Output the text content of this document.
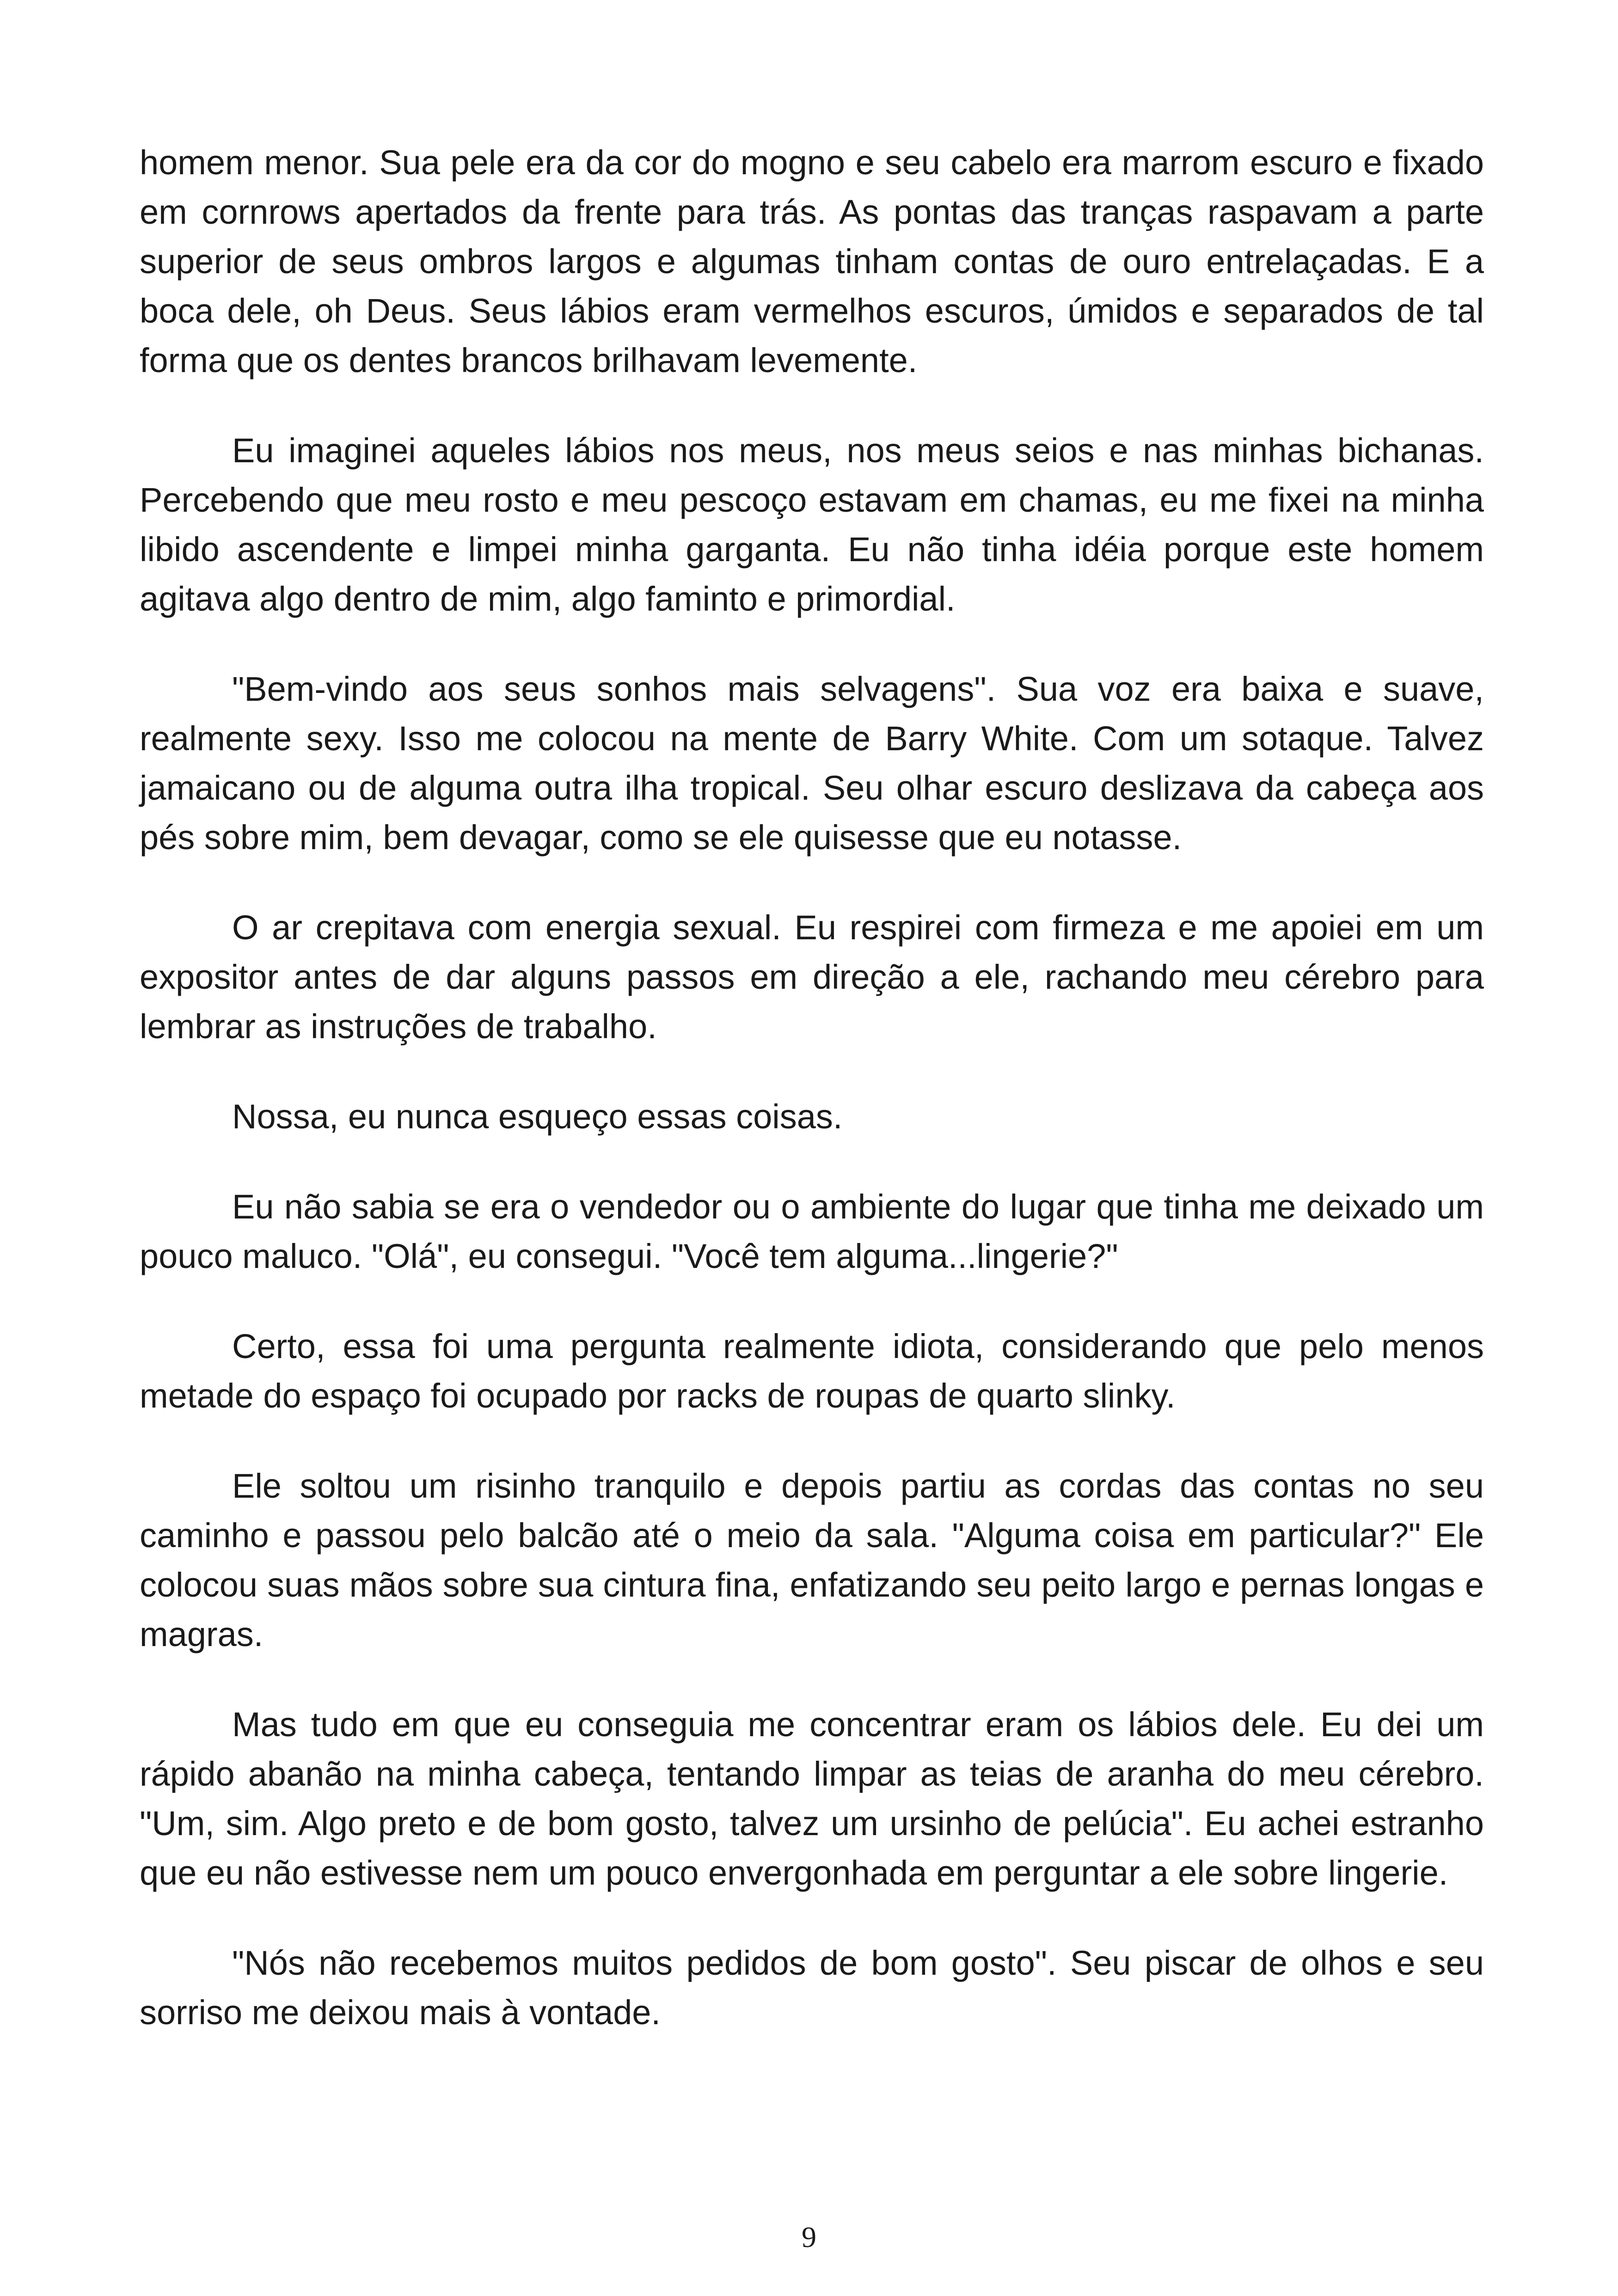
homem menor. Sua pele era da cor do mogno e seu cabelo era marrom escuro e fixado em cornrows apertados da frente para trás. As pontas das tranças raspavam a parte superior de seus ombros largos e algumas tinham contas de ouro entrelaçadas. E a boca dele, oh Deus. Seus lábios eram vermelhos escuros, úmidos e separados de tal forma que os dentes brancos brilhavam levemente.

Eu imaginei aqueles lábios nos meus, nos meus seios e nas minhas bichanas. Percebendo que meu rosto e meu pescoço estavam em chamas, eu me fixei na minha libido ascendente e limpei minha garganta. Eu não tinha idéia porque este homem agitava algo dentro de mim, algo faminto e primordial.

"Bem-vindo aos seus sonhos mais selvagens". Sua voz era baixa e suave, realmente sexy. Isso me colocou na mente de Barry White. Com um sotaque. Talvez jamaicano ou de alguma outra ilha tropical. Seu olhar escuro deslizava da cabeça aos pés sobre mim, bem devagar, como se ele quisesse que eu notasse.

O ar crepitava com energia sexual. Eu respirei com firmeza e me apoiei em um expositor antes de dar alguns passos em direção a ele, rachando meu cérebro para lembrar as instruções de trabalho.

Nossa, eu nunca esqueço essas coisas.

Eu não sabia se era o vendedor ou o ambiente do lugar que tinha me deixado um pouco maluco. "Olá", eu consegui. "Você tem alguma...lingerie?"

Certo, essa foi uma pergunta realmente idiota, considerando que pelo menos metade do espaço foi ocupado por racks de roupas de quarto slinky.

Ele soltou um risinho tranquilo e depois partiu as cordas das contas no seu caminho e passou pelo balcão até o meio da sala. "Alguma coisa em particular?" Ele colocou suas mãos sobre sua cintura fina, enfatizando seu peito largo e pernas longas e magras.

Mas tudo em que eu conseguia me concentrar eram os lábios dele. Eu dei um rápido abanão na minha cabeça, tentando limpar as teias de aranha do meu cérebro. "Um, sim. Algo preto e de bom gosto, talvez um ursinho de pelúcia". Eu achei estranho que eu não estivesse nem um pouco envergonhada em perguntar a ele sobre lingerie.

"Nós não recebemos muitos pedidos de bom gosto". Seu piscar de olhos e seu sorriso me deixou mais à vontade.

9
